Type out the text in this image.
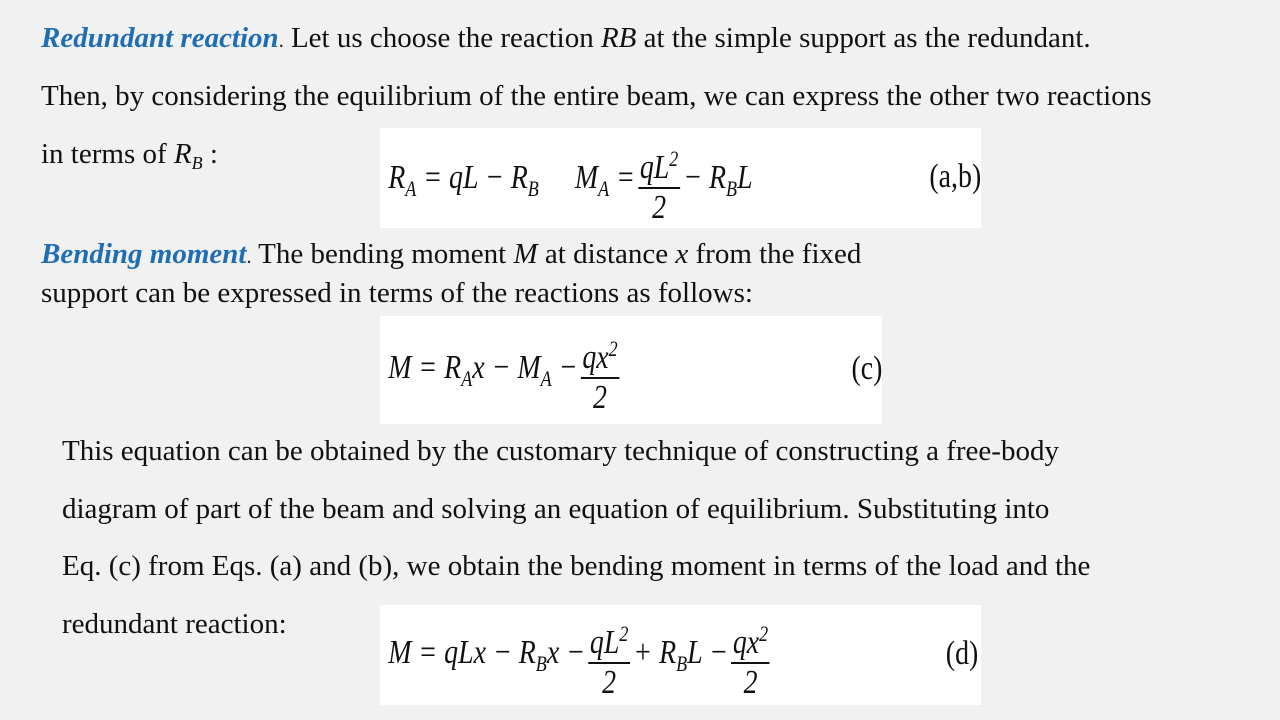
Redundant reaction. Let us choose the reaction RB at the simple support as the redundant.

Then, by considering the equilibrium of the entire beam, we can express the other two reactions

in terms of $R_B$ :

$R_A$ = qL − $R_B$ $M_A = \frac{qL^2}{2} - R_BL$	(a,b)

Bending moment. The bending moment M at distance x from the fixed

support can be expressed in terms of the reactions as follows:

$M = R_Ax - M_A - \frac{qx^2}{2}$	(c)

This equation can be obtained by the customary technique of constructing a free-body

diagram of part of the beam and solving an equation of equilibrium. Substituting into

Eq. (c) from Eqs. (a) and (b), we obtain the bending moment in terms of the load and the

redundant reaction:

M = qLx − $R_Bx - \frac{qL^2}{2} + R_BL - \frac{qx^2}{2}$	(d)
